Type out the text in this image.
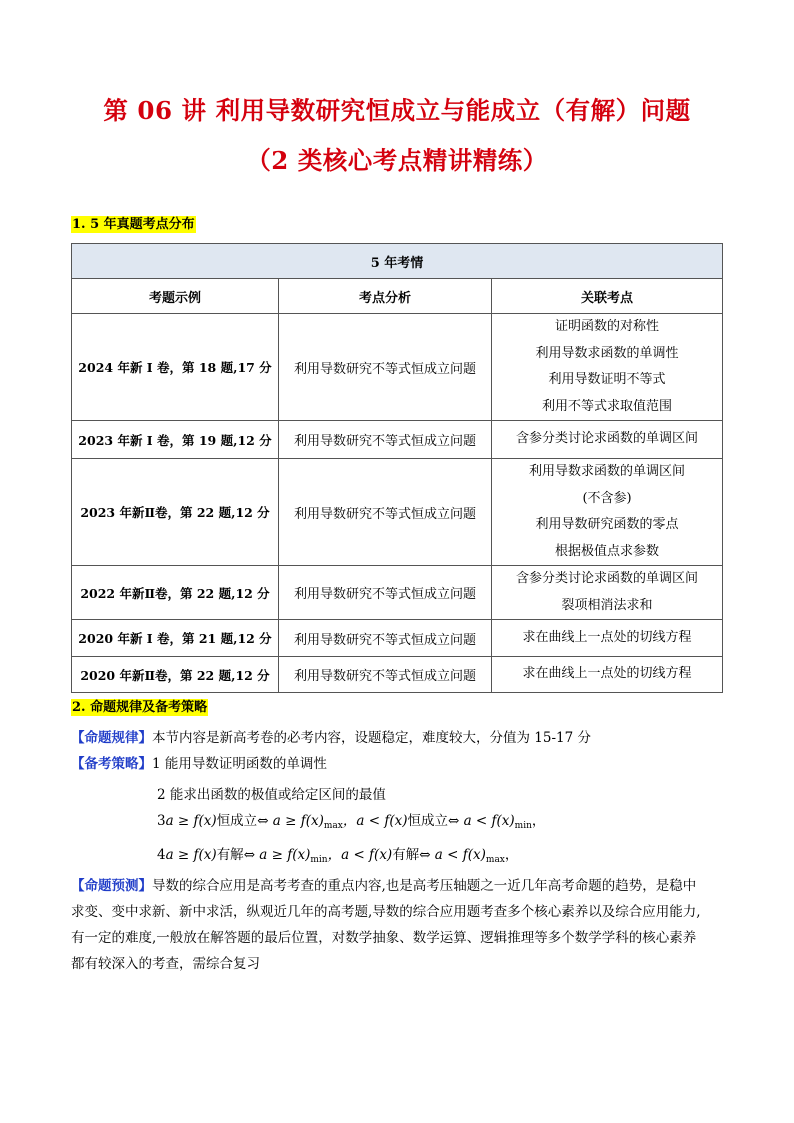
第 06 讲 利用导数研究恒成立与能成立（有解）问题
（2 类核心考点精讲精练）
1. 5 年真题考点分布
5 年考情		
考题示例	考点分析	关联考点
2024 年新 I 卷，第 18 题,17 分	利用导数研究不等式恒成立问题	证明函数的对称性
利用导数求函数的单调性
利用导数证明不等式
利用不等式求取值范围

2023 年新 I 卷，第 19 题,12 分	利用导数研究不等式恒成立问题	含参分类讨论求函数的单调区间

2023 年新Ⅱ卷，第 22 题,12 分	利用导数研究不等式恒成立问题	利用导数求函数的单调区间
(不含参)
利用导数研究函数的零点
根据极值点求参数

2022 年新Ⅱ卷，第 22 题,12 分	利用导数研究不等式恒成立问题	含参分类讨论求函数的单调区间
裂项相消法求和

2020 年新 I 卷，第 21 题,12 分	利用导数研究不等式恒成立问题	求在曲线上一点处的切线方程

2020 年新Ⅱ卷，第 22 题,12 分	利用导数研究不等式恒成立问题	求在曲线上一点处的切线方程
2. 命题规律及备考策略
【命题规律】本节内容是新高考卷的必考内容，设题稳定，难度较大，分值为 15-17 分
【备考策略】1 能用导数证明函数的单调性
2 能求出函数的极值或给定区间的最值
3a ≥ f(x)恒成立⇔ $a \ge f(x)_{max}$，a < f(x)恒成立⇔ $a < f(x)_{min}$，
4a ≥ f(x)有解⇔ $a \ge f(x)_{min}$，a < f(x)有解⇔ $a < f(x)_{max}$，
【命题预测】导数的综合应用是高考考查的重点内容,也是高考压轴题之一近几年高考命题的趋势，是稳中
求变、变中求新、新中求活，纵观近几年的高考题,导数的综合应用题考查多个核心素养以及综合应用能力,
有一定的难度,一般放在解答题的最后位置，对数学抽象、数学运算、逻辑推理等多个数学学科的核心素养
都有较深入的考查，需综合复习
